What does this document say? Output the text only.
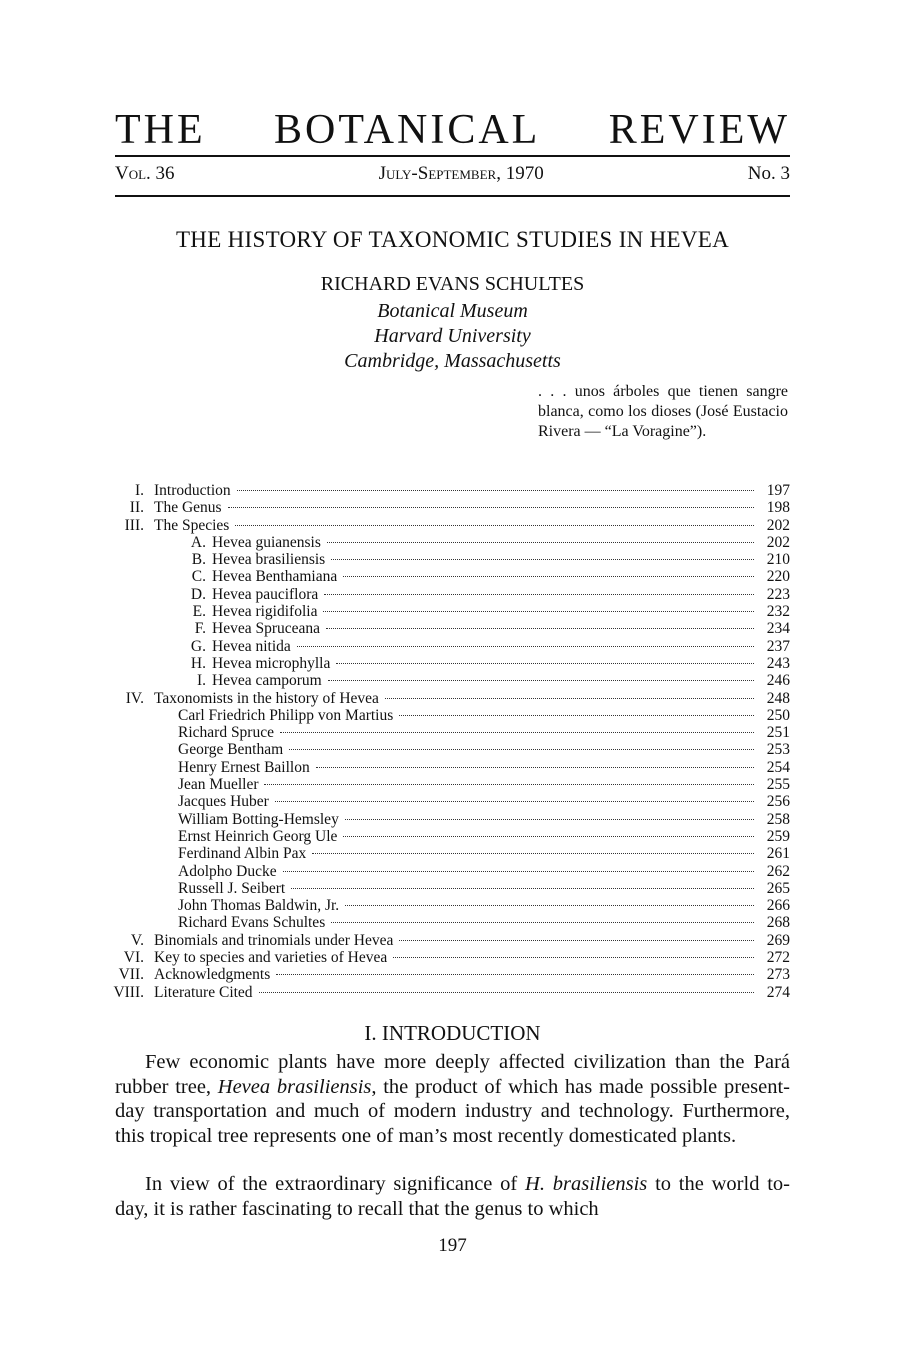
THE BOTANICAL REVIEW
Vol. 36	July-September, 1970	No. 3
THE HISTORY OF TAXONOMIC STUDIES IN HEVEA
RICHARD EVANS SCHULTES
Botanical Museum
Harvard University
Cambridge, Massachusetts
. . . unos árboles que tienen sangre blanca, como los dioses (José Eustacio Rivera — “La Voragine”).
I. Introduction	197
II. The Genus	198
III. The Species	202
A. Hevea guianensis	202
B. Hevea brasiliensis	210
C. Hevea Benthamiana	220
D. Hevea pauciflora	223
E. Hevea rigidifolia	232
F. Hevea Spruceana	234
G. Hevea nitida	237
H. Hevea microphylla	243
I. Hevea camporum	246
IV. Taxonomists in the history of Hevea	248
Carl Friedrich Philipp von Martius	250
Richard Spruce	251
George Bentham	253
Henry Ernest Baillon	254
Jean Mueller	255
Jacques Huber	256
William Botting-Hemsley	258
Ernst Heinrich Georg Ule	259
Ferdinand Albin Pax	261
Adolpho Ducke	262
Russell J. Seibert	265
John Thomas Baldwin, Jr.	266
Richard Evans Schultes	268
V. Binomials and trinomials under Hevea	269
VI. Key to species and varieties of Hevea	272
VII. Acknowledgments	273
VIII. Literature Cited	274
I. INTRODUCTION
Few economic plants have more deeply affected civilization than the Pará rubber tree, Hevea brasiliensis, the product of which has made possible present-day transportation and much of modern industry and technology. Furthermore, this tropical tree represents one of man’s most recently domesticated plants.
In view of the extraordinary significance of H. brasiliensis to the world to-day, it is rather fascinating to recall that the genus to which
197
